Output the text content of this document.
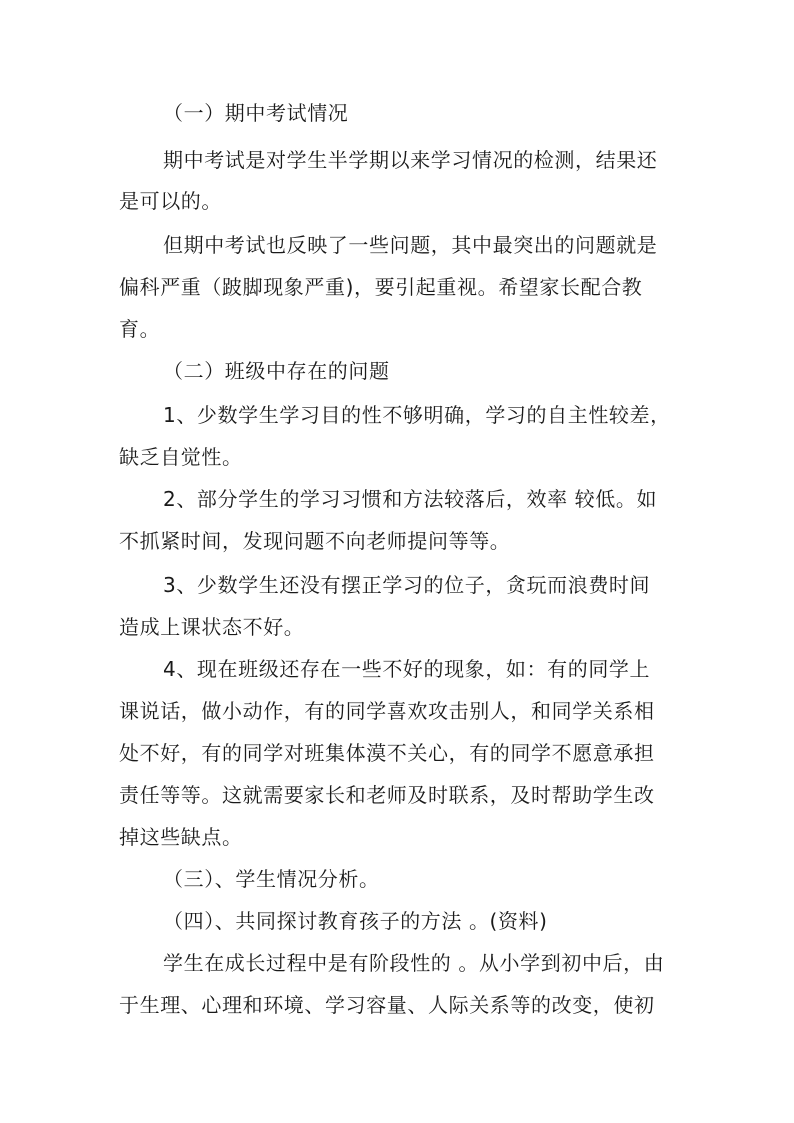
（一）期中考试情况
期中考试是对学生半学期以来学习情况的检测，结果还
是可以的。
但期中考试也反映了一些问题，其中最突出的问题就是
偏科严重（跛脚现象严重)，要引起重视。希望家长配合教
育。
（二）班级中存在的问题
1、少数学生学习目的性不够明确，学习的自主性较差，
缺乏自觉性。
2、部分学生的学习习惯和方法较落后，效率 较低。如
不抓紧时间，发现问题不向老师提问等等。
3、少数学生还没有摆正学习的位子，贪玩而浪费时间
造成上课状态不好。
4、现在班级还存在一些不好的现象，如：有的同学上
课说话，做小动作，有的同学喜欢攻击别人，和同学关系相
处不好，有的同学对班集体漠不关心，有的同学不愿意承担
责任等等。这就需要家长和老师及时联系，及时帮助学生改
掉这些缺点。
（三）、学生情况分析。
（四）、共同探讨教育孩子的方法 。(资料)
学生在成长过程中是有阶段性的 。从小学到初中后，由
于生理、心理和环境、学习容量、人际关系等的改变，使初
